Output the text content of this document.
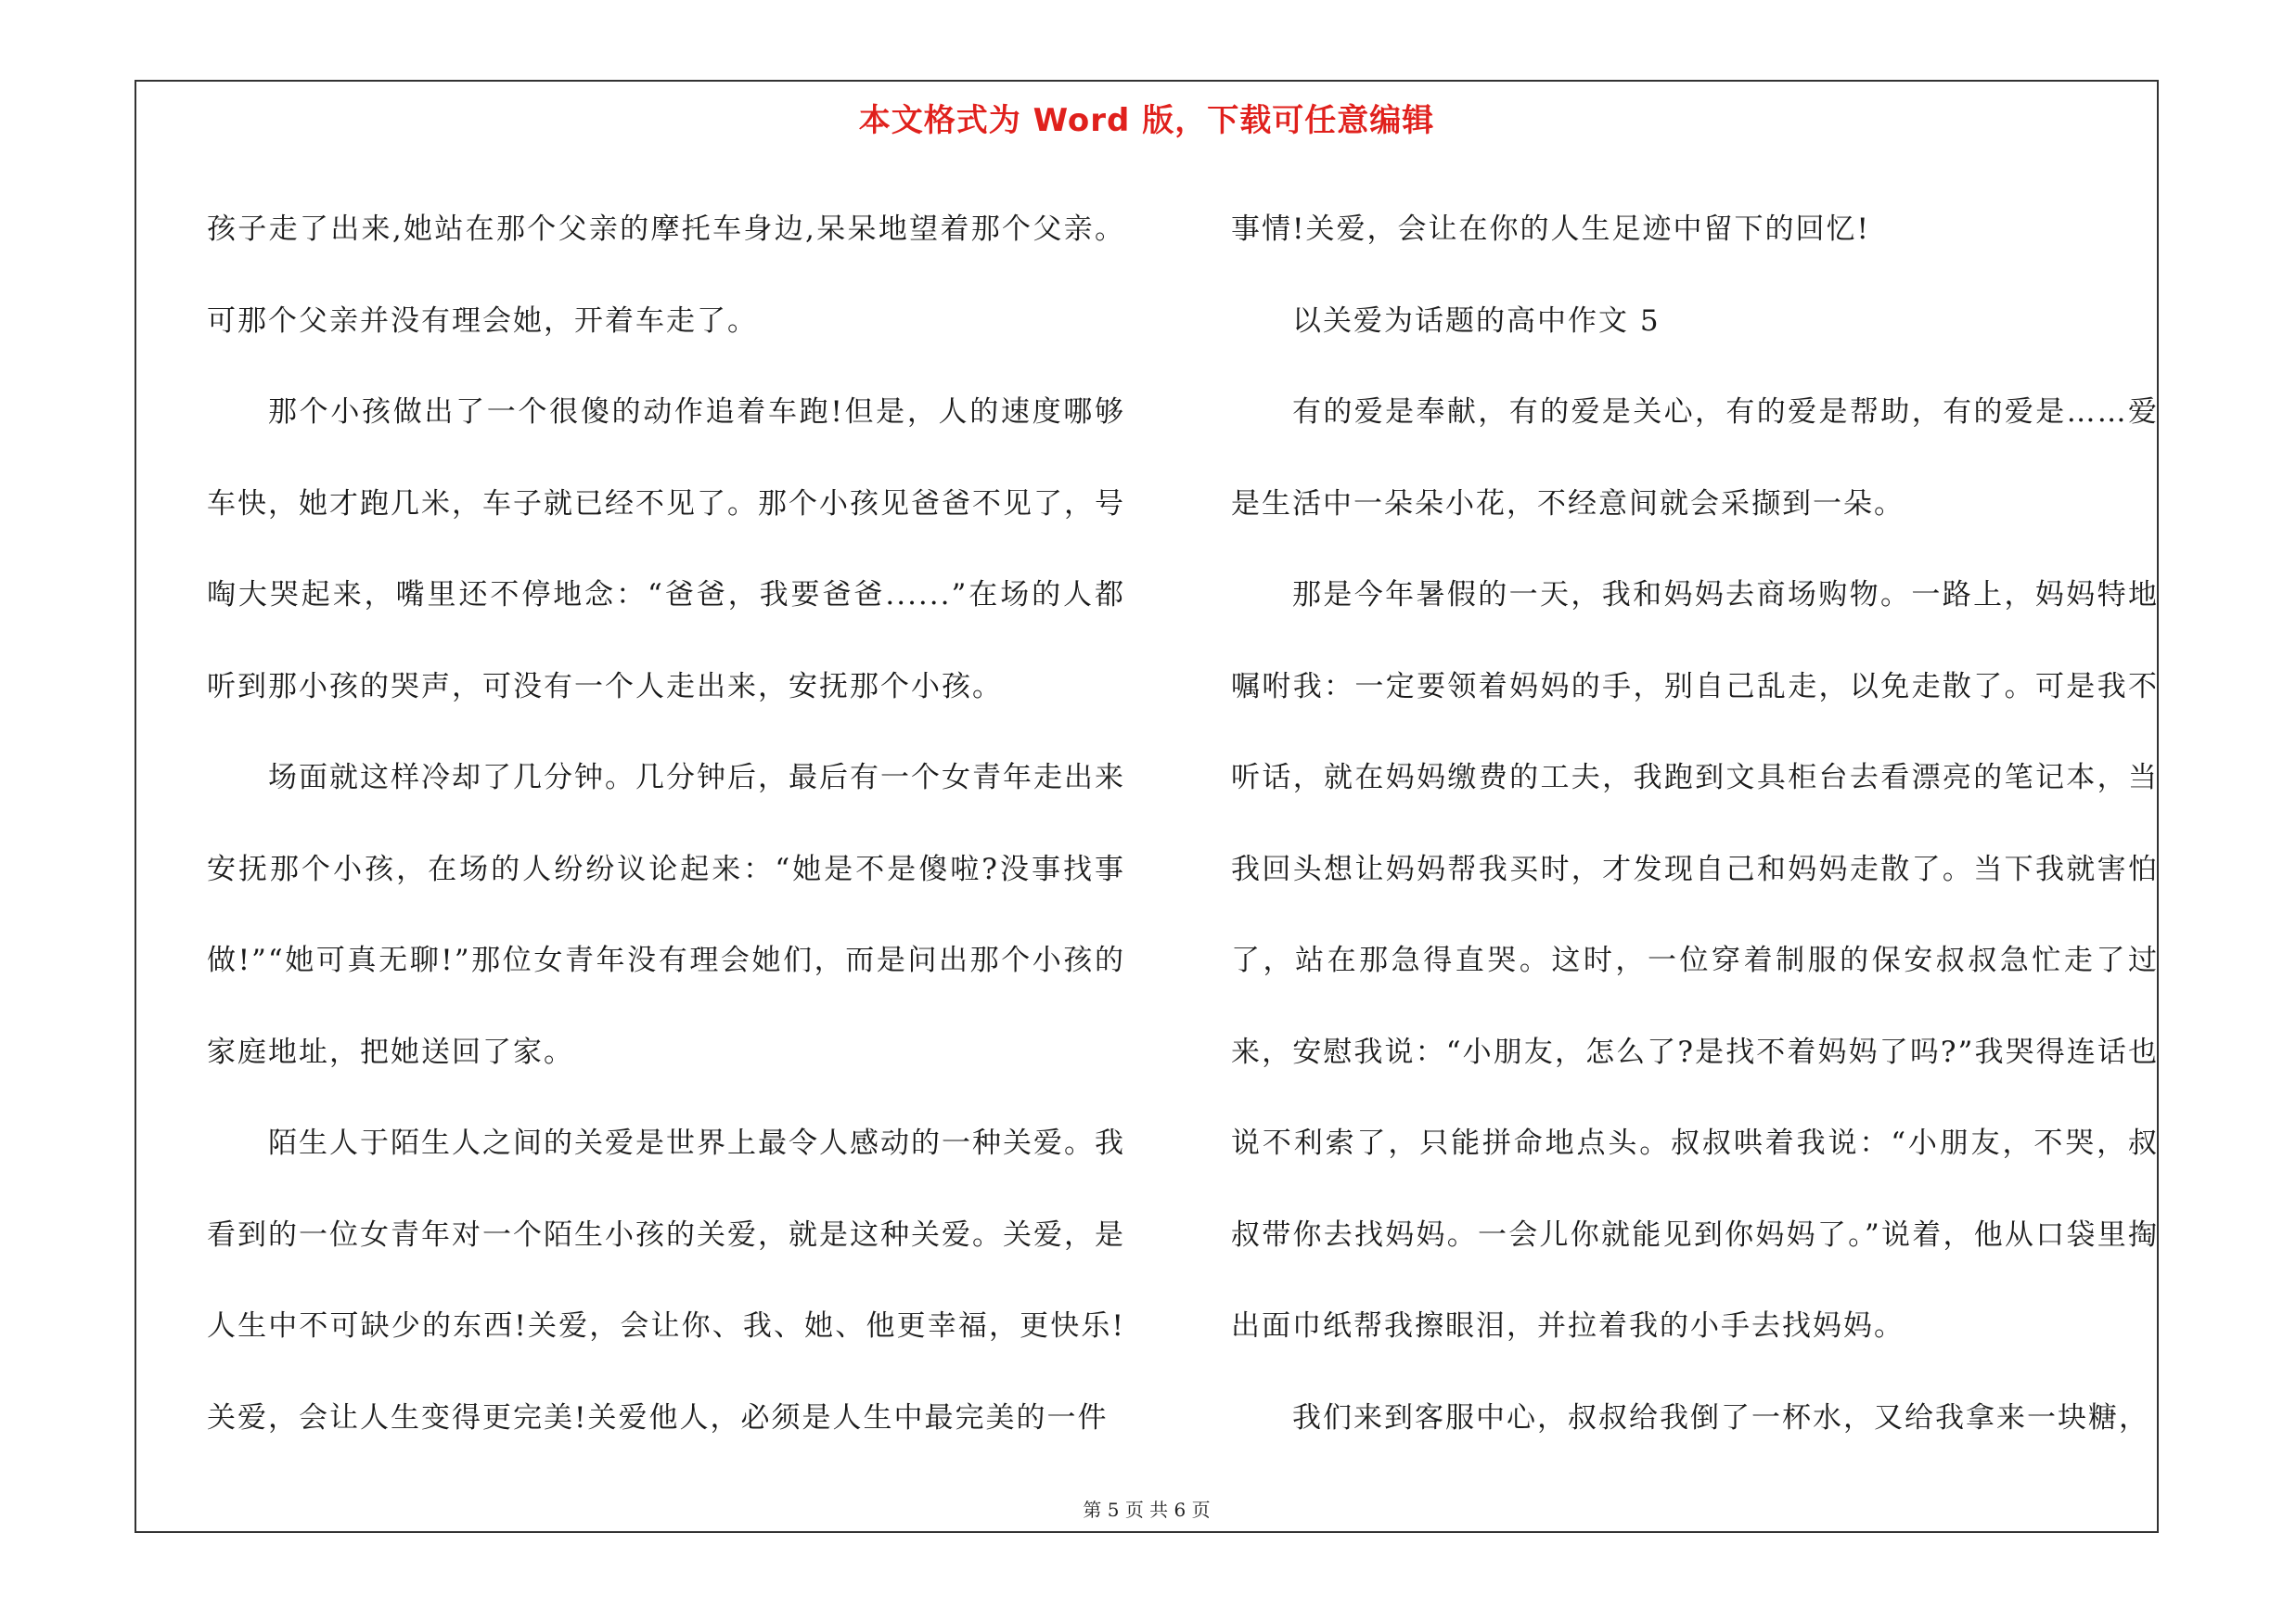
本文格式为 Word 版，下载可任意编辑

孩子走了出来,她站在那个父亲的摩托车身边,呆呆地望着那个父亲。可那个父亲并没有理会她，开着车走了。

那个小孩做出了一个很傻的动作追着车跑!但是，人的速度哪够车快，她才跑几米，车子就已经不见了。那个小孩见爸爸不见了，号啕大哭起来，嘴里还不停地念：“爸爸，我要爸爸......”在场的人都听到那小孩的哭声，可没有一个人走出来，安抚那个小孩。

场面就这样冷却了几分钟。几分钟后，最后有一个女青年走出来安抚那个小孩，在场的人纷纷议论起来：“她是不是傻啦?没事找事做!”“她可真无聊!”那位女青年没有理会她们，而是问出那个小孩的家庭地址，把她送回了家。

陌生人于陌生人之间的关爱是世界上最令人感动的一种关爱。我看到的一位女青年对一个陌生小孩的关爱，就是这种关爱。关爱，是人生中不可缺少的东西!关爱，会让你、我、她、他更幸福，更快乐!关爱，会让人生变得更完美!关爱他人，必须是人生中最完美的一件

事情!关爱，会让在你的人生足迹中留下的回忆!

以关爱为话题的高中作文 5

有的爱是奉献，有的爱是关心，有的爱是帮助，有的爱是……爱是生活中一朵朵小花，不经意间就会采撷到一朵。

那是今年暑假的一天，我和妈妈去商场购物。一路上，妈妈特地嘱咐我：一定要领着妈妈的手，别自己乱走，以免走散了。可是我不听话，就在妈妈缴费的工夫，我跑到文具柜台去看漂亮的笔记本，当我回头想让妈妈帮我买时，才发现自己和妈妈走散了。当下我就害怕了，站在那急得直哭。这时，一位穿着制服的保安叔叔急忙走了过来，安慰我说：“小朋友，怎么了?是找不着妈妈了吗?”我哭得连话也说不利索了，只能拼命地点头。叔叔哄着我说：“小朋友，不哭，叔叔带你去找妈妈。一会儿你就能见到你妈妈了。”说着，他从口袋里掏出面巾纸帮我擦眼泪，并拉着我的小手去找妈妈。

我们来到客服中心，叔叔给我倒了一杯水，又给我拿来一块糖，

第 5 页 共 6 页
